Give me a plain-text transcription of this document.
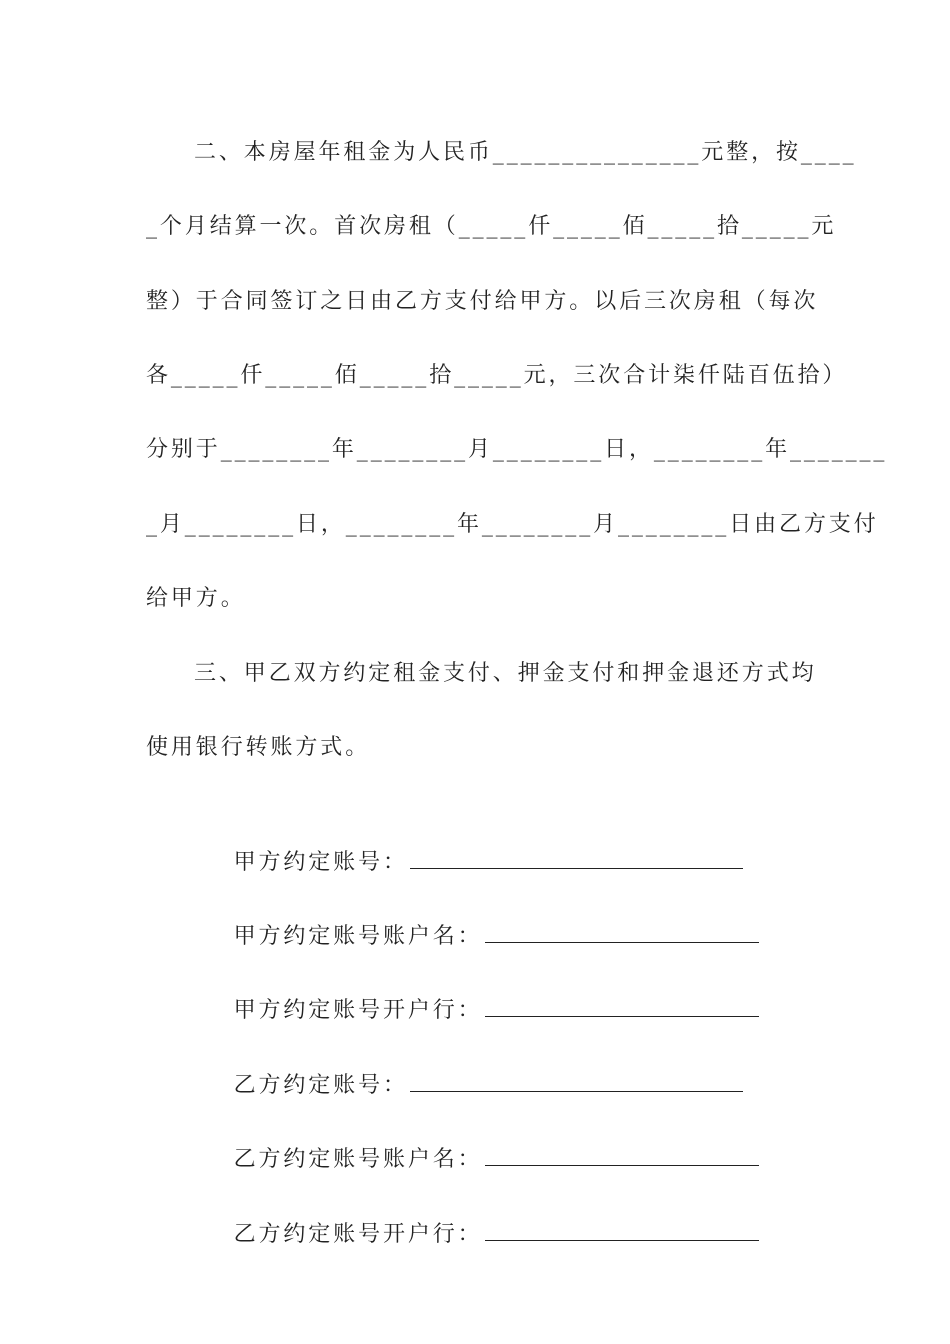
二、本房屋年租金为人民币_______________元整，按____
_个月结算一次。首次房租（_____仟_____佰_____拾_____元
整）于合同签订之日由乙方支付给甲方。以后三次房租（每次
各_____仟_____佰_____拾_____元，三次合计柒仟陆百伍拾）
分别于________年________月________日，________年_______
_月________日，________年________月________日由乙方支付
给甲方。
三、甲乙双方约定租金支付、押金支付和押金退还方式均
使用银行转账方式。

甲方约定账号：

甲方约定账号账户名：

甲方约定账号开户行：

乙方约定账号：

乙方约定账号账户名：

乙方约定账号开户行：
